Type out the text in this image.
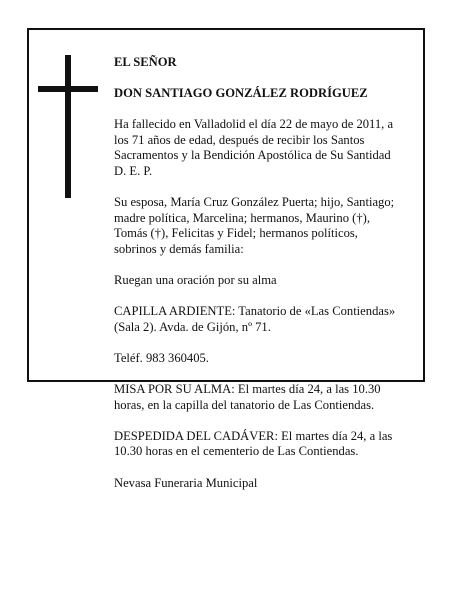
EL SEÑOR

DON SANTIAGO GONZÁLEZ RODRÍGUEZ

Ha fallecido en Valladolid el día 22 de mayo de 2011, a
los 71 años de edad, después de recibir los Santos
Sacramentos y la Bendición Apostólica de Su Santidad
D. E. P.

Su esposa, María Cruz González Puerta; hijo, Santiago;
madre política, Marcelina; hermanos, Maurino (†),
Tomás (†), Felicitas y Fidel; hermanos políticos,
sobrinos y demás familia:

Ruegan una oración por su alma

CAPILLA ARDIENTE: Tanatorio de «Las Contiendas»
(Sala 2). Avda. de Gijón, nº 71.

Teléf. 983 360405.

MISA POR SU ALMA: El martes día 24, a las 10.30
horas, en la capilla del tanatorio de Las Contiendas.

DESPEDIDA DEL CADÁVER: El martes día 24, a las
10.30 horas en el cementerio de Las Contiendas.

Nevasa Funeraria Municipal
